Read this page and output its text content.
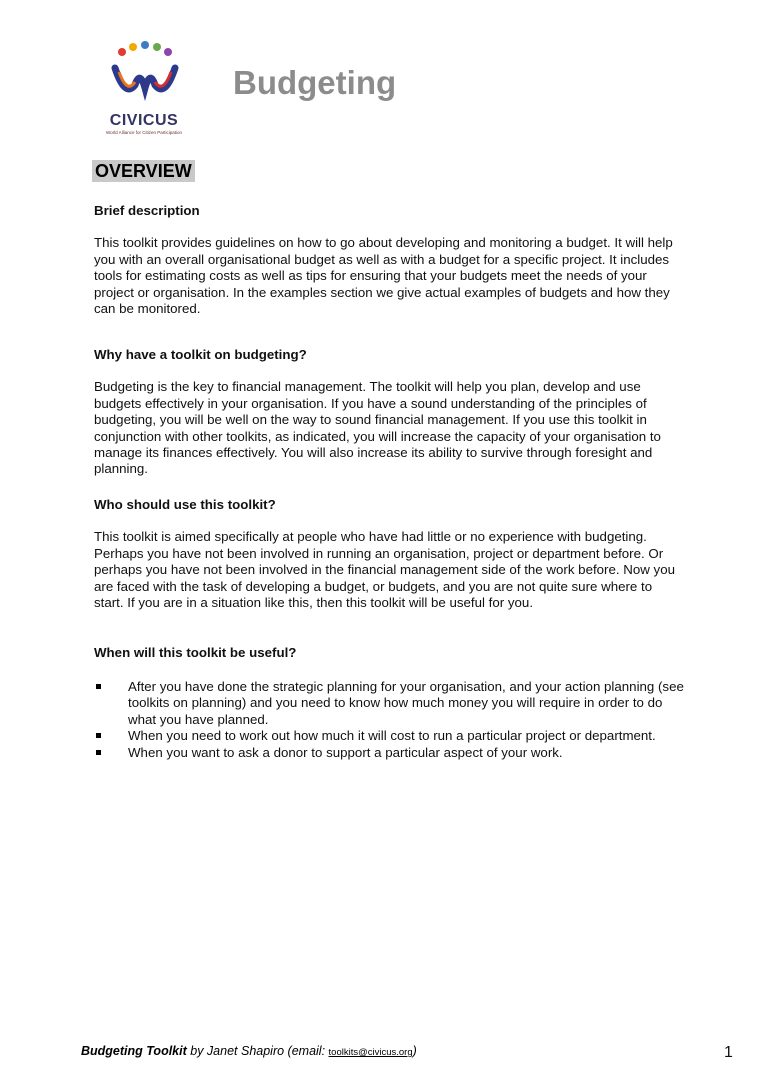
CIVICUS
World Alliance for Citizen Participation
Budgeting
OVERVIEW
Brief description
This toolkit provides guidelines on how to go about developing and monitoring a budget. It will help you with an overall organisational budget as well as with a budget for a specific project. It includes tools for estimating costs as well as tips for ensuring that your budgets meet the needs of your project or organisation. In the examples section we give actual examples of budgets and how they can be monitored.
Why have a toolkit on budgeting?
Budgeting is the key to financial management. The toolkit will help you plan, develop and use budgets effectively in your organisation. If you have a sound understanding of the principles of budgeting, you will be well on the way to sound financial management. If you use this toolkit in conjunction with other toolkits, as indicated, you will increase the capacity of your organisation to manage its finances effectively. You will also increase its ability to survive through foresight and planning.
Who should use this toolkit?
This toolkit is aimed specifically at people who have had little or no experience with budgeting. Perhaps you have not been involved in running an organisation, project or department before. Or perhaps you have not been involved in the financial management side of the work before. Now you are faced with the task of developing a budget, or budgets, and you are not quite sure where to start. If you are in a situation like this, then this toolkit will be useful for you.
When will this toolkit be useful?
After you have done the strategic planning for your organisation, and your action planning (see toolkits on planning) and you need to know how much money you will require in order to do what you have planned.
When you need to work out how much it will cost to run a particular project or department.
When you want to ask a donor to support a particular aspect of your work.
Budgeting Toolkit by Janet Shapiro (email: toolkits@civicus.org)	1
